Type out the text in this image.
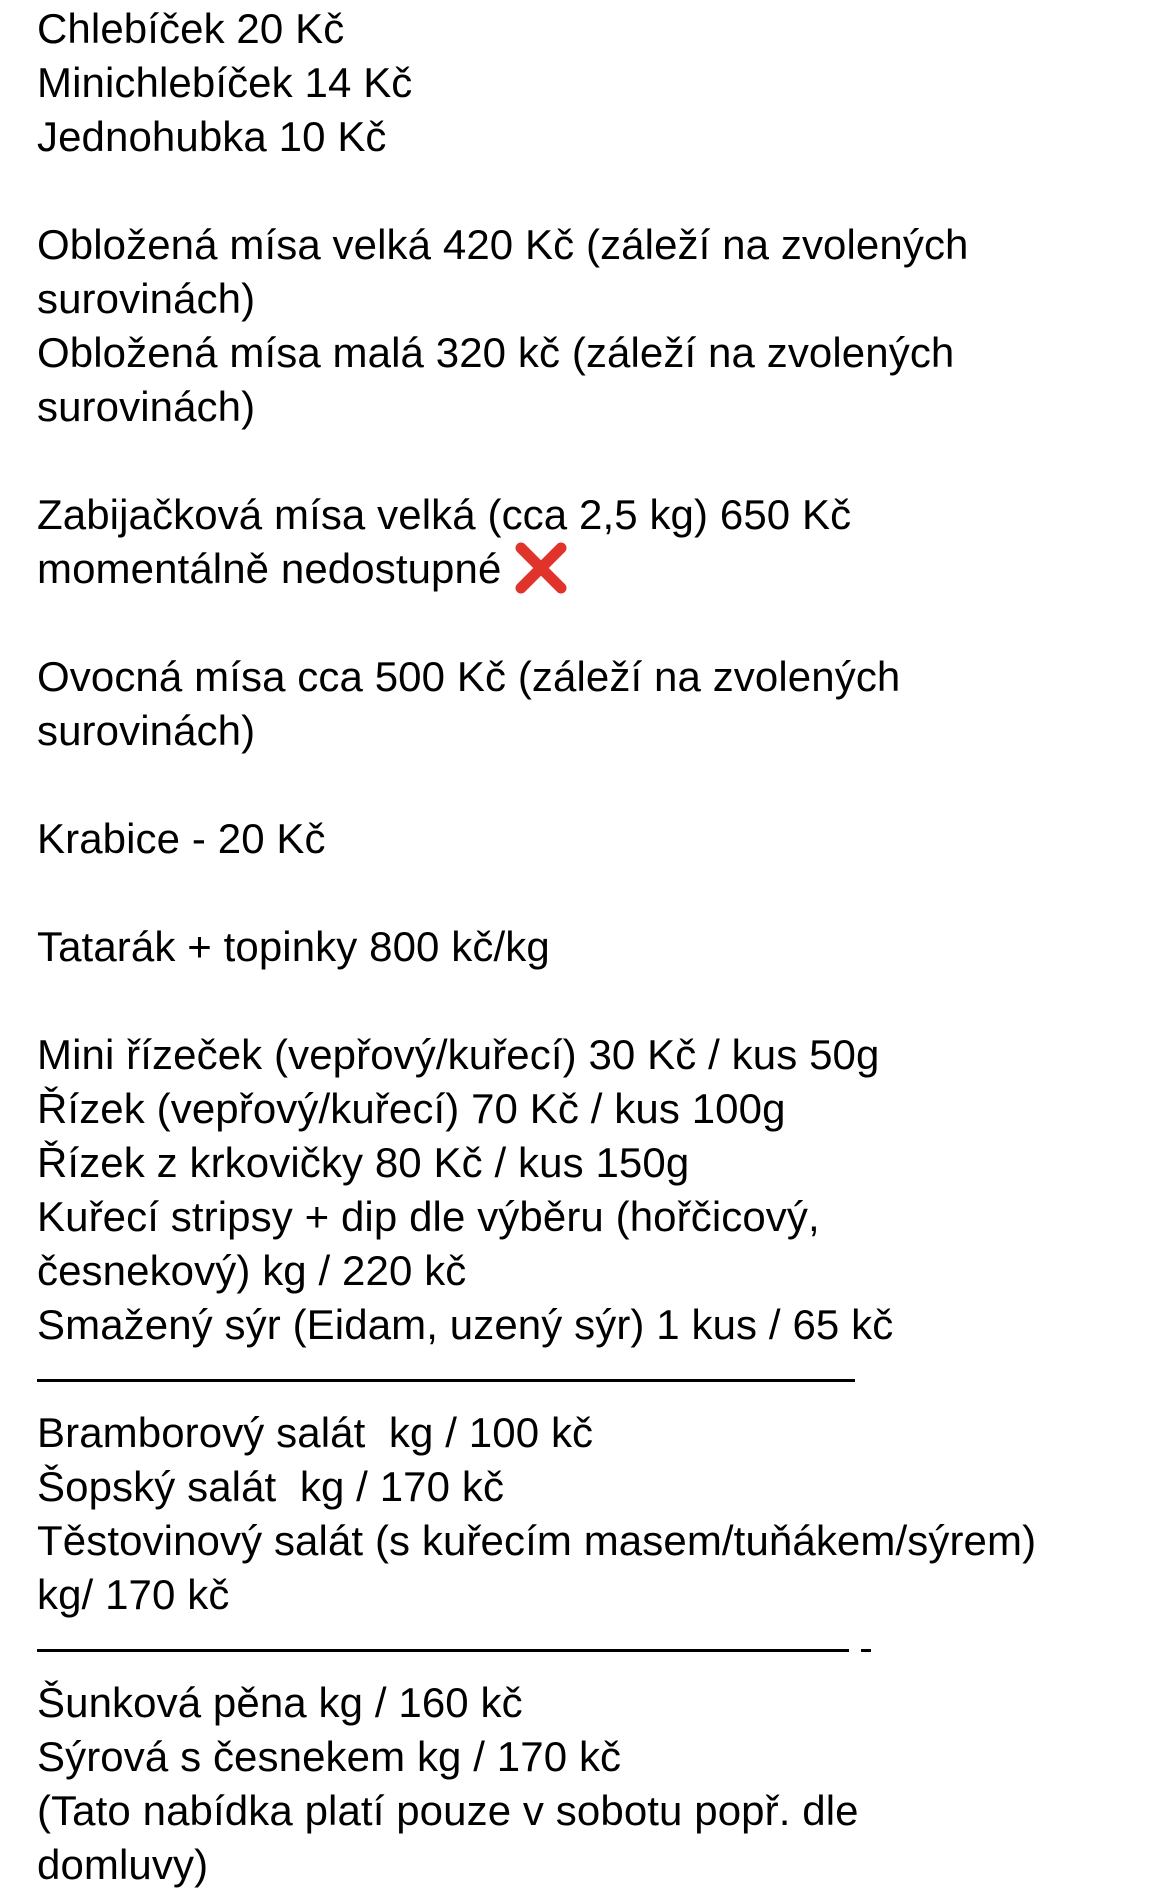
Chlebíček 20 Kč
Minichlebíček 14 Kč
Jednohubka 10 Kč
Obložená mísa velká 420 Kč (záleží na zvolených
surovinách)
Obložená mísa malá 320 kč (záleží na zvolených
surovinách)
Zabijačková mísa velká (cca 2,5 kg) 650 Kč
momentálně nedostupné
Ovocná mísa cca 500 Kč (záleží na zvolených
surovinách)
Krabice - 20 Kč
Tatarák + topinky 800 kč/kg
Mini řízeček (vepřový/kuřecí) 30 Kč / kus 50g
Řízek (vepřový/kuřecí) 70 Kč / kus 100g
Řízek z krkovičky 80 Kč / kus 150g
Kuřecí stripsy + dip dle výběru (hořčicový,
česnekový) kg / 220 kč
Smažený sýr (Eidam, uzený sýr) 1 kus / 65 kč
Bramborový salát  kg / 100 kč
Šopský salát  kg / 170 kč
Těstovinový salát (s kuřecím masem/tuňákem/sýrem)
kg/ 170 kč
Šunková pěna kg / 160 kč
Sýrová s česnekem kg / 170 kč
(Tato nabídka platí pouze v sobotu popř. dle
domluvy)
